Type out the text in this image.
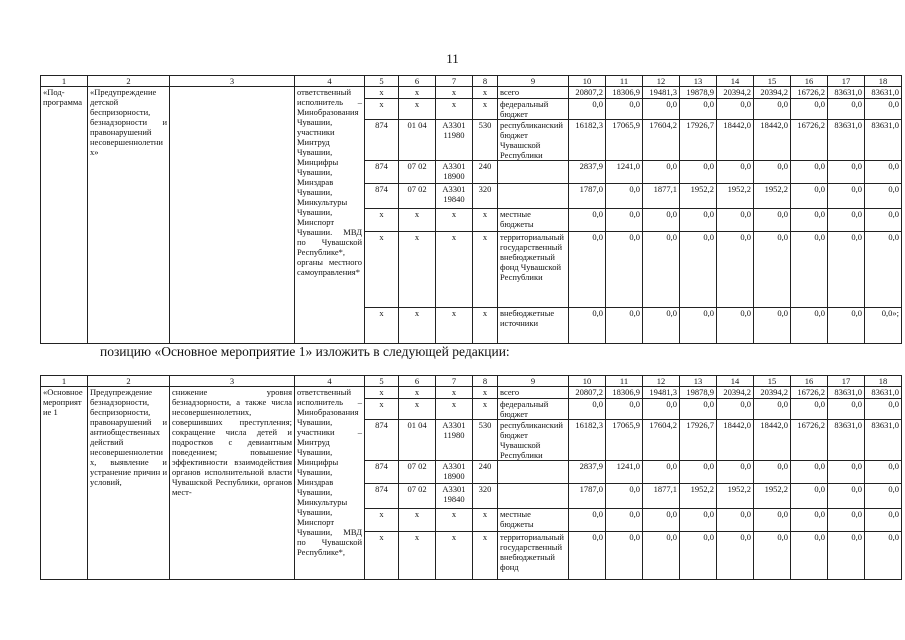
11
1	2	3	4	5	6	7	8	9	10	11	12	13	14	15	16	17	18
«Под-программа	«Предупреждение детской беспризорности, безнадзорности и правонарушений несовершеннолетних»		ответственный исполнитель – Минобразования Чувашии, участники Минтруд Чувашии, Минцифры Чувашии, Минздрав Чувашии, Минкультуры Чувашии, Минспорт Чувашии. МВД по Чувашской Республике*, органы местного самоуправления*	x	x	x	x	всего	20807,2	18306,9	19481,3	19878,9	20394,2	20394,2	16726,2	83631,0	83631,0
				x	x	x	x	федеральный бюджет	0,0	0,0	0,0	0,0	0,0	0,0	0,0	0,0	0,0
				874	01 04	А3301 11980	530	республиканский бюджет Чувашской Республики	16182,3	17065,9	17604,2	17926,7	18442,0	18442,0	16726,2	83631,0	83631,0
				874	07 02	А3301 18900	240		2837,9	1241,0	0,0	0,0	0,0	0,0	0,0	0,0	0,0
				874	07 02	А3301 19840	320		1787,0	0,0	1877,1	1952,2	1952,2	1952,2	0,0	0,0	0,0
				x	x	x	x	местные бюджеты	0,0	0,0	0,0	0,0	0,0	0,0	0,0	0,0	0,0
				x	x	x	x	территориальный государственный внебюджетный фонд Чувашской Республики	0,0	0,0	0,0	0,0	0,0	0,0	0,0	0,0	0,0
				x	x	x	x	внебюджетные источники	0,0	0,0	0,0	0,0	0,0	0,0	0,0	0,0	0,0»;
позицию «Основное мероприятие 1» изложить в следующей редакции:
1	2	3	4	5	6	7	8	9	10	11	12	13	14	15	16	17	18
«Основное мероприятие 1	Предупреждение безнадзорности, беспризорности, правонарушений и антиобщественных действий несовершеннолетних, выявление и устранение причин и условий,	снижение уровня безнадзорности, а также числа несовершеннолетних, совершивших преступления; сокращение числа детей и подростков с девиантным поведением; повышение эффективности взаимодействия органов исполнительной власти Чувашской Республики, органов мест-	ответственный исполнитель – Минобразования Чувашии, участники – Минтруд Чувашии, Минцифры Чувашии, Минздрав Чувашии, Минкультуры Чувашии, Минспорт Чувашии, МВД по Чувашской Республике*,	x	x	x	x	всего	20807,2	18306,9	19481,3	19878,9	20394,2	20394,2	16726,2	83631,0	83631,0
				x	x	x	x	федеральный бюджет	0,0	0,0	0,0	0,0	0,0	0,0	0,0	0,0	0,0
				874	01 04	А3301 11980	530	республиканский бюджет Чувашской Республики	16182,3	17065,9	17604,2	17926,7	18442,0	18442,0	16726,2	83631,0	83631,0
				874	07 02	А3301 18900	240		2837,9	1241,0	0,0	0,0	0,0	0,0	0,0	0,0	0,0
				874	07 02	А3301 19840	320		1787,0	0,0	1877,1	1952,2	1952,2	1952,2	0,0	0,0	0,0
				x	x	x	x	местные бюджеты	0,0	0,0	0,0	0,0	0,0	0,0	0,0	0,0	0,0
				x	x	x	x	территориальный государственный внебюджетный фонд	0,0	0,0	0,0	0,0	0,0	0,0	0,0	0,0	0,0
